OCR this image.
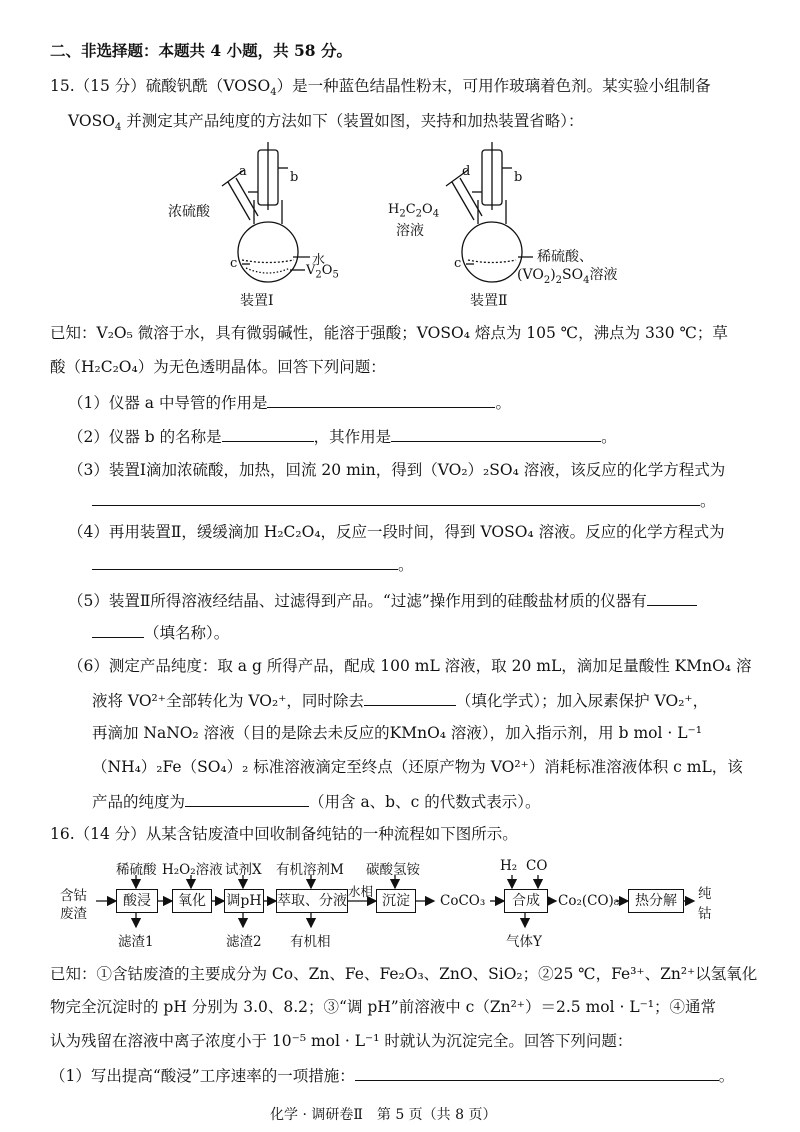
二、非选择题：本题共 4 小题，共 58 分。
15.（15 分）硫酸钒酰$(VOSO_4)$是一种蓝色结晶性粉末，可用作玻璃着色剂。某实验小组制备
$VOSO_4$ 并测定其产品纯度的方法如下（装置如图，夹持和加热装置省略）：
a	b
c
浓硫酸
水
$V_2O_5$
装置Ⅰ
d	b
c
$H_2C_2O_4$
溶液
稀硫酸、
$(VO_2)_2SO_4$溶液
装置Ⅱ
已知：V₂O₅ 微溶于水，具有微弱碱性，能溶于强酸；VOSO₄ 熔点为 105 ℃，沸点为 330 ℃；草
酸（H₂C₂O₄）为无色透明晶体。回答下列问题：
（1）仪器 a 中导管的作用是	。
（2）仪器 b 的名称是	，其作用是	。
（3）装置Ⅰ滴加浓硫酸，加热，回流 20 min，得到（VO₂）₂SO₄ 溶液，该反应的化学方程式为
。
（4）再用装置Ⅱ，缓缓滴加 H₂C₂O₄，反应一段时间，得到 VOSO₄ 溶液。反应的化学方程式为
。
（5）装置Ⅱ所得溶液经结晶、过滤得到产品。“过滤”操作用到的硅酸盐材质的仪器有
（填名称）。
（6）测定产品纯度：取 a g 所得产品，配成 100 mL 溶液，取 20 mL，滴加足量酸性 KMnO₄ 溶
液将 VO²⁺全部转化为 VO₂⁺，同时除去	（填化学式）；加入尿素保护 VO₂⁺，
再滴加 NaNO₂ 溶液（目的是除去未反应的KMnO₄ 溶液），加入指示剂，用 b mol · L⁻¹
（NH₄）₂Fe（SO₄）₂ 标准溶液滴定至终点（还原产物为 VO²⁺）消耗标准溶液体积 c mL，该
产品的纯度为	（用含 a、b、c 的代数式表示）。
16.（14 分）从某含钴废渣中回收制备纯钴的一种流程如下图所示。
稀硫酸 H₂O₂溶液 试剂X 有机溶剂M 碳酸氢铵	H₂ CO
含钴
废渣
酸浸	氧化	调pH 萃取、分液	沉淀	合成	热分解
水相
CoCO₃	Co₂(CO)₈	纯
钴
滤渣1	滤渣2 有机相	气体Y
已知：①含钴废渣的主要成分为 Co、Zn、Fe、Fe₂O₃、ZnO、SiO₂；②25 ℃，Fe³⁺、Zn²⁺以氢氧化
物完全沉淀时的 pH 分别为 3.0、8.2；③“调 pH”前溶液中 c（Zn²⁺）＝2.5 mol · L⁻¹；④通常
认为残留在溶液中离子浓度小于 10⁻⁵ mol · L⁻¹ 时就认为沉淀完全。回答下列问题：
（1）写出提高“酸浸”工序速率的一项措施：	。
化学 · 调研卷Ⅱ　第 5 页（共 8 页）
